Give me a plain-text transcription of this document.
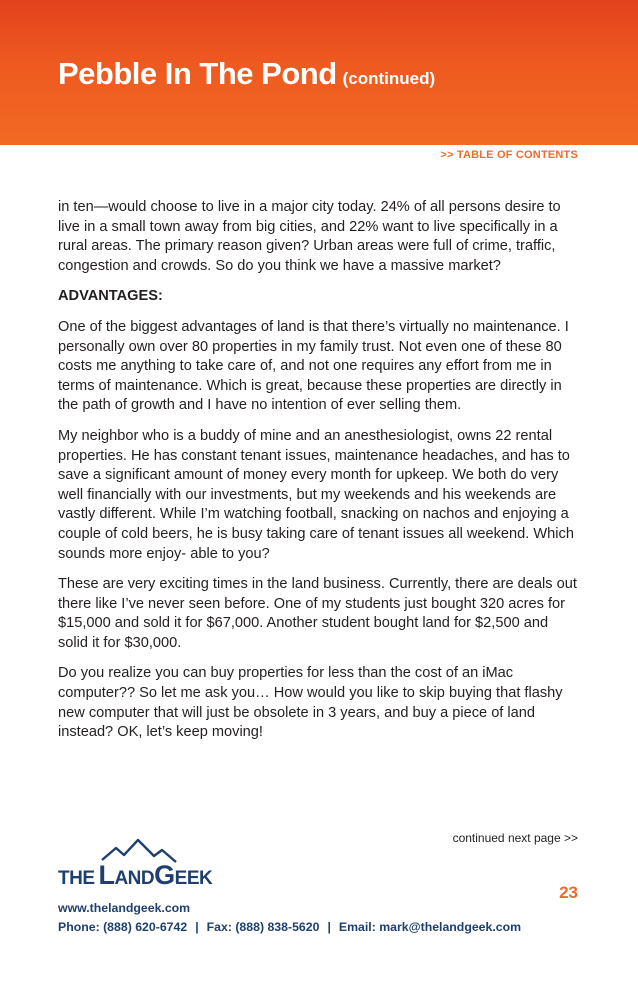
Pebble In The Pond (continued)
>> TABLE OF CONTENTS

in ten—would choose to live in a major city today. 24% of all persons desire to live in a small town away from big cities, and 22% want to live specifically in a rural areas. The primary reason given? Urban areas were full of crime, traffic, congestion and crowds. So do you think we have a massive market?

ADVANTAGES:

One of the biggest advantages of land is that there’s virtually no maintenance. I personally own over 80 properties in my family trust. Not even one of these 80 costs me anything to take care of, and not one requires any effort from me in terms of maintenance. Which is great, because these properties are directly in the path of growth and I have no intention of ever selling them.

My neighbor who is a buddy of mine and an anesthesiologist, owns 22 rental properties. He has constant tenant issues, maintenance headaches, and has to save a significant amount of money every month for upkeep. We both do very well financially with our investments, but my weekends and his weekends are vastly different. While I’m watching football, snacking on nachos and enjoying a couple of cold beers, he is busy taking care of tenant issues all weekend. Which sounds more enjoy- able to you?

These are very exciting times in the land business. Currently, there are deals out there like I’ve never seen before. One of my students just bought 320 acres for $15,000 and sold it for $67,000. Another student bought land for $2,500 and solid it for $30,000.

Do you realize you can buy properties for less than the cost of an iMac computer?? So let me ask you… How would you like to skip buying that flashy new computer that will just be obsolete in 3 years, and buy a piece of land instead? OK, let’s keep moving!

continued next page >>
THE LANDGEEK
23
www.thelandgeek.com
Phone: (888) 620-6742 | Fax: (888) 838-5620 | Email: mark@thelandgeek.com
